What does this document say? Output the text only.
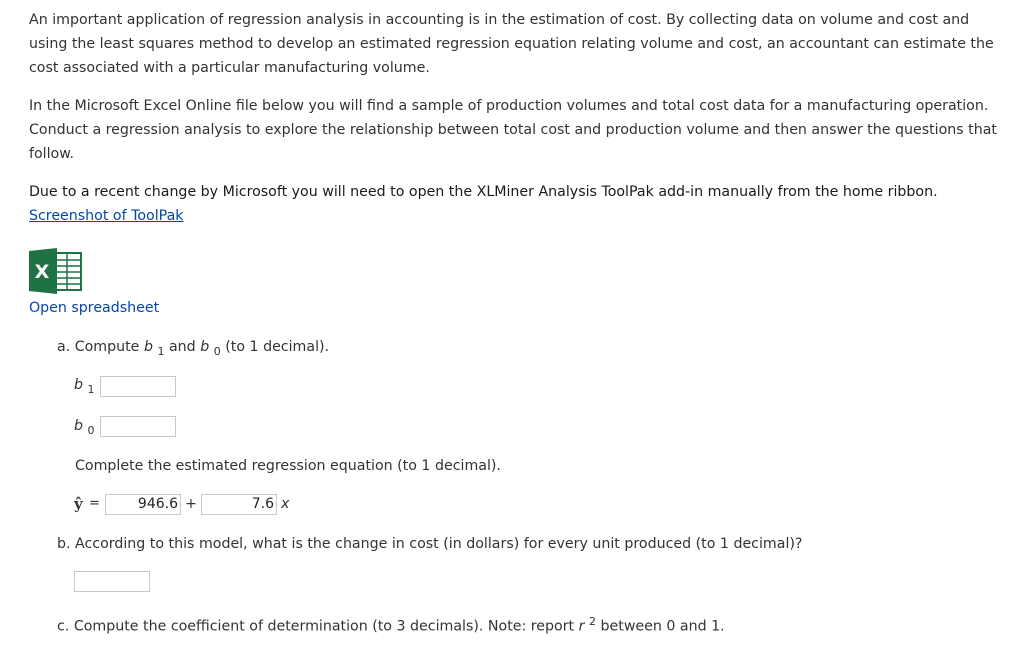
An important application of regression analysis in accounting is in the estimation of cost. By collecting data on volume and cost and using the least squares method to develop an estimated regression equation relating volume and cost, an accountant can estimate the cost associated with a particular manufacturing volume.

In the Microsoft Excel Online file below you will find a sample of production volumes and total cost data for a manufacturing operation. Conduct a regression analysis to explore the relationship between total cost and production volume and then answer the questions that follow.

Due to a recent change by Microsoft you will need to open the XLMiner Analysis ToolPak add-in manually from the home ribbon. Screenshot of ToolPak

X
Open spreadsheet
a. Compute b $_1$ and b $_0$ (to 1 decimal).
b $_1$
b $_0$
Complete the estimated regression equation (to 1 decimal).
ŷ =	946.6 +	7.6 x
b. According to this model, what is the change in cost (in dollars) for every unit produced (to 1 decimal)?
c. Compute the coefficient of determination (to 3 decimals). Note: report r $^2$ between 0 and 1.
